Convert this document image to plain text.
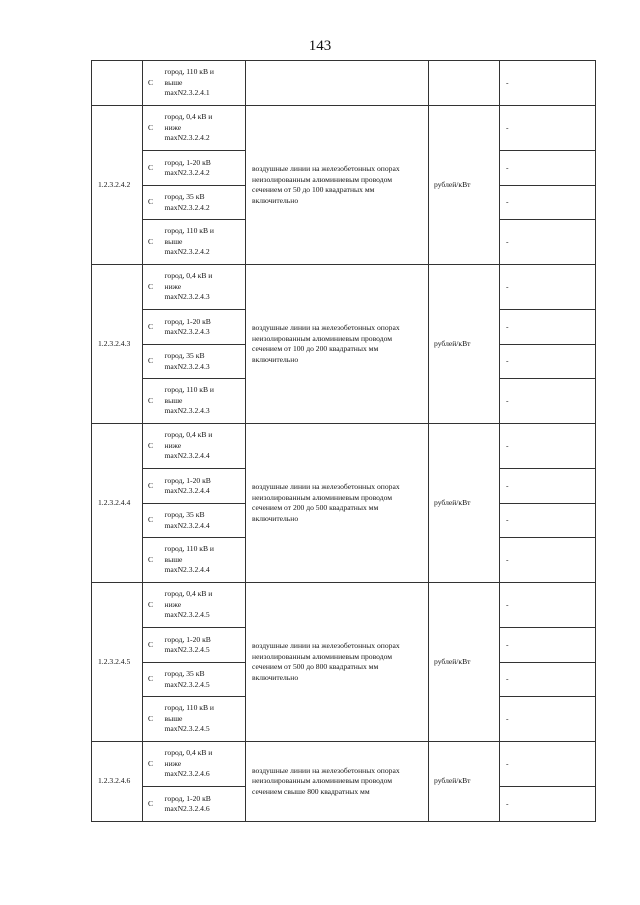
143
	С	город, 110 кВ и
выше
maxN2.3.2.4.1			-
1.2.3.2.4.2	С	город, 0,4 кВ и
ниже
maxN2.3.2.4.2	воздушные линии на железобетонных опорах
неизолированным алюминиевым проводом
сечением от 50 до 100 квадратных мм
включительно	рублей/кВт	-
	С	город, 1-20 кВ
maxN2.3.2.4.2			-
	С	город, 35 кВ
maxN2.3.2.4.2			-
	С	город, 110 кВ и
выше
maxN2.3.2.4.2			-
1.2.3.2.4.3	С	город, 0,4 кВ и
ниже
maxN2.3.2.4.3	воздушные линии на железобетонных опорах
неизолированным алюминиевым проводом
сечением от 100 до 200 квадратных мм
включительно	рублей/кВт	-
	С	город, 1-20 кВ
maxN2.3.2.4.3			-
	С	город, 35 кВ
maxN2.3.2.4.3			-
	С	город, 110 кВ и
выше
maxN2.3.2.4.3			-
1.2.3.2.4.4	С	город, 0,4 кВ и
ниже
maxN2.3.2.4.4	воздушные линии на железобетонных опорах
неизолированным алюминиевым проводом
сечением от 200 до 500 квадратных мм
включительно	рублей/кВт	-
	С	город, 1-20 кВ
maxN2.3.2.4.4			-
	С	город, 35 кВ
maxN2.3.2.4.4			-
	С	город, 110 кВ и
выше
maxN2.3.2.4.4			-
1.2.3.2.4.5	С	город, 0,4 кВ и
ниже
maxN2.3.2.4.5	воздушные линии на железобетонных опорах
неизолированным алюминиевым проводом
сечением от 500 до 800 квадратных мм
включительно	рублей/кВт	-
	С	город, 1-20 кВ
maxN2.3.2.4.5			-
	С	город, 35 кВ
maxN2.3.2.4.5			-
	С	город, 110 кВ и
выше
maxN2.3.2.4.5			-
1.2.3.2.4.6	С	город, 0,4 кВ и
ниже
maxN2.3.2.4.6	воздушные линии на железобетонных опорах
неизолированным алюминиевым проводом
сечением свыше 800 квадратных мм	рублей/кВт	-
	С	город, 1-20 кВ
maxN2.3.2.4.6			-
